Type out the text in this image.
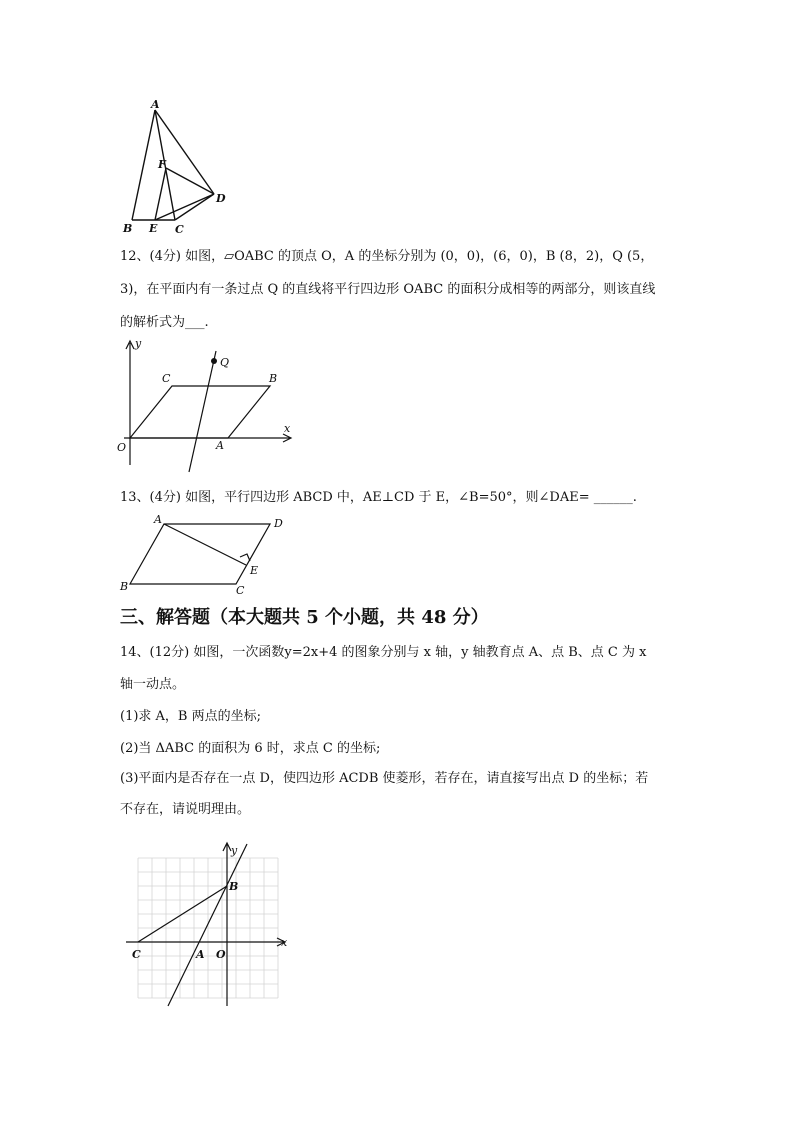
A
F
D
B E C
12、(4分) 如图，▱OABC 的顶点 O，A 的坐标分别为 (0，0)，(6，0)，B (8，2)，Q (5，
3)，在平面内有一条过点 Q 的直线将平行四边形 OABC 的面积分成相等的两部分，则该直线
的解析式为___.
y
x
O	A
C	B
Q
13、(4分) 如图，平行四边形 ABCD 中，AE⊥CD 于 E，∠B=50°，则∠DAE= ______.
A	D
E
B	C
三、解答题（本大题共 5 个小题，共 48 分）
14、(12分) 如图，一次函数y=2x+4 的图象分别与 x 轴，y 轴教育点 A、点 B、点 C 为 x
轴一动点。
(1)求 A，B 两点的坐标;
(2)当 ΔABC 的面积为 6 时，求点 C 的坐标;
(3)平面内是否存在一点 D，使四边形 ACDB 使菱形，若存在，请直接写出点 D 的坐标；若
不存在，请说明理由。
y
x
B
C	A O
